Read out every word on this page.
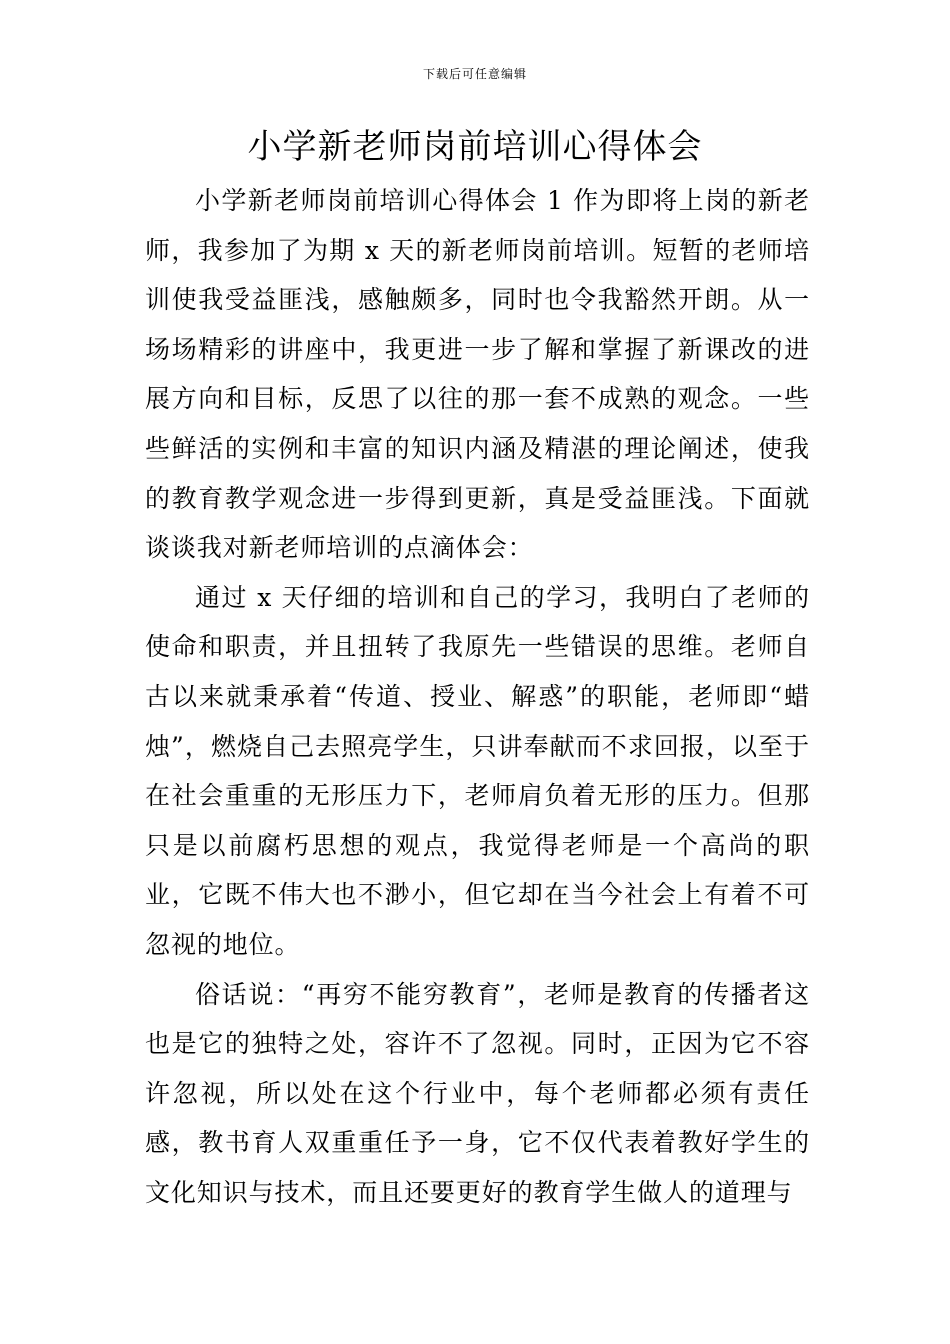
下载后可任意编辑
小学新老师岗前培训心得体会

小学新老师岗前培训心得体会 1 作为即将上岗的新老师，我参加了为期 x 天的新老师岗前培训。短暂的老师培训使我受益匪浅，感触颇多，同时也令我豁然开朗。从一场场精彩的讲座中，我更进一步了解和掌握了新课改的进展方向和目标，反思了以往的那一套不成熟的观念。一些些鲜活的实例和丰富的知识内涵及精湛的理论阐述，使我的教育教学观念进一步得到更新，真是受益匪浅。下面就谈谈我对新老师培训的点滴体会：

通过 x 天仔细的培训和自己的学习，我明白了老师的使命和职责，并且扭转了我原先一些错误的思维。老师自古以来就秉承着“传道、授业、解惑”的职能，老师即“蜡烛”，燃烧自己去照亮学生，只讲奉献而不求回报，以至于在社会重重的无形压力下，老师肩负着无形的压力。但那只是以前腐朽思想的观点，我觉得老师是一个高尚的职业，它既不伟大也不渺小，但它却在当今社会上有着不可忽视的地位。

俗话说：“再穷不能穷教育”，老师是教育的传播者这也是它的独特之处，容许不了忽视。同时，正因为它不容许忽视，所以处在这个行业中，每个老师都必须有责任感，教书育人双重重任予一身，它不仅代表着教好学生的文化知识与技术，而且还要更好的教育学生做人的道理与
